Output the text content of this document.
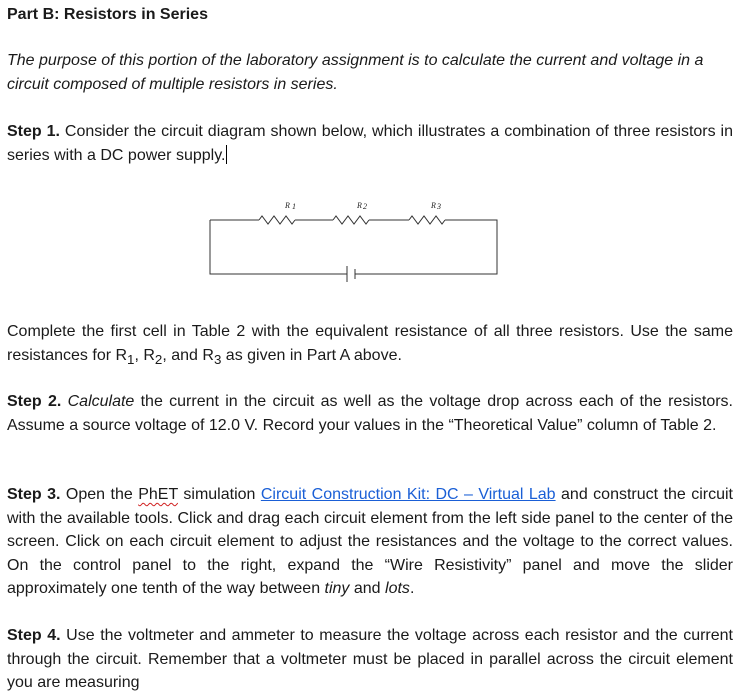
Part B: Resistors in Series
The purpose of this portion of the laboratory assignment is to calculate the current and voltage in a circuit composed of multiple resistors in series.
Step 1. Consider the circuit diagram shown below, which illustrates a combination of three resistors in series with a DC power supply.
R 1	R 2	R 3
Complete the first cell in Table 2 with the equivalent resistance of all three resistors. Use the same resistances for $R_1$, $R_2$, and $R_3$ as given in Part A above.
Step 2. Calculate the current in the circuit as well as the voltage drop across each of the resistors. Assume a source voltage of 12.0 V. Record your values in the “Theoretical Value” column of Table 2.
Step 3. Open the PhET simulation Circuit Construction Kit: DC – Virtual Lab and construct the circuit with the available tools. Click and drag each circuit element from the left side panel to the center of the screen. Click on each circuit element to adjust the resistances and the voltage to the correct values. On the control panel to the right, expand the “Wire Resistivity” panel and move the slider approximately one tenth of the way between tiny and lots.
Step 4. Use the voltmeter and ammeter to measure the voltage across each resistor and the current through the circuit. Remember that a voltmeter must be placed in parallel across the circuit element you are measuring
